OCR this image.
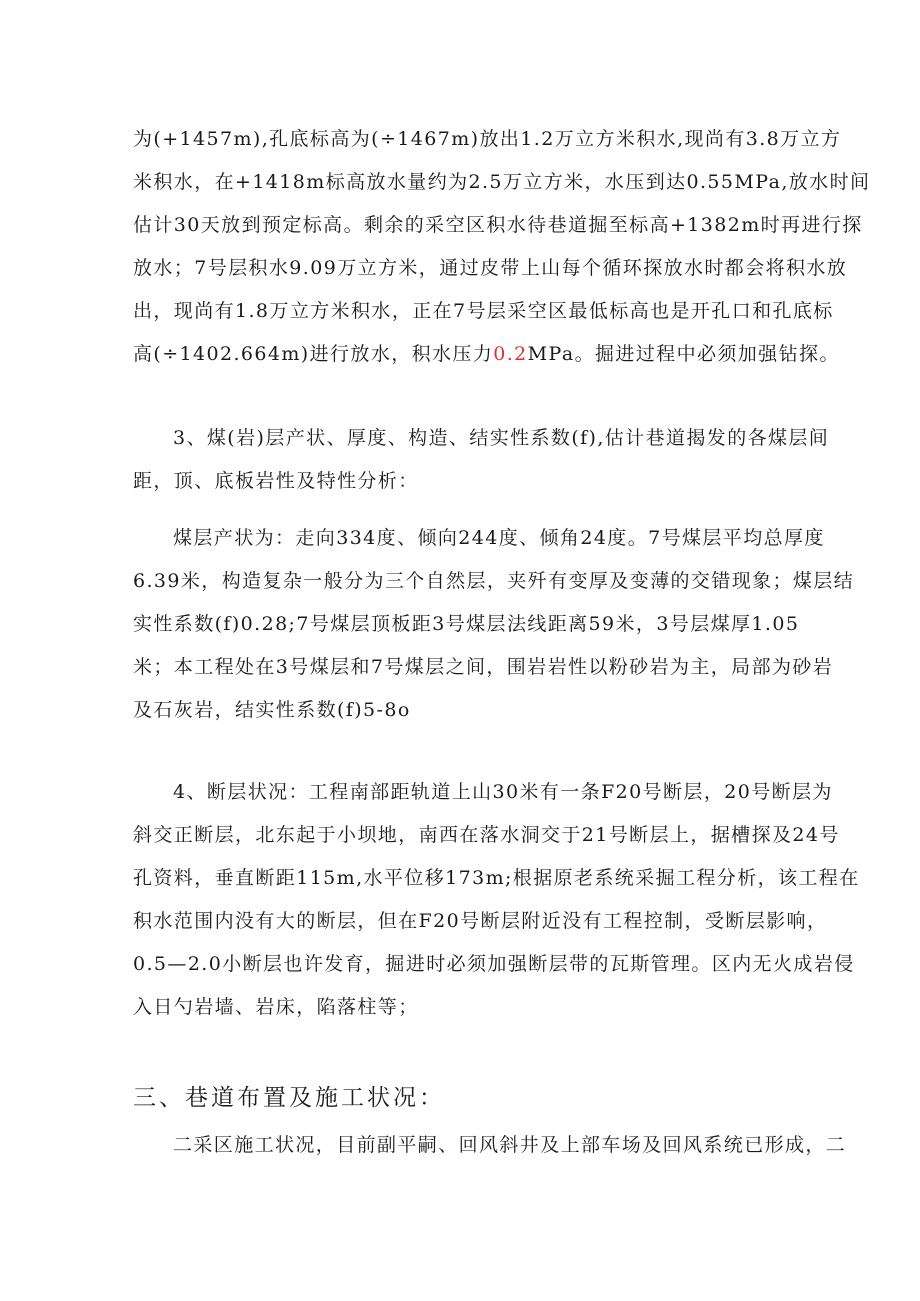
为(+1457m),孔底标高为(÷1467m)放出1.2万立方米积水,现尚有3.8万立方
米积水，在+1418m标高放水量约为2.5万立方米，水压到达0.55MPa,放水时间
估计30天放到预定标高。剩余的采空区积水待巷道掘至标高+1382m时再进行探
放水；7号层积水9.09万立方米，通过皮带上山每个循环探放水时都会将积水放
出，现尚有1.8万立方米积水，正在7号层采空区最低标高也是开孔口和孔底标
高(÷1402.664m)进行放水，积水压力0.2MPa。掘进过程中必须加强钻探。
3、煤(岩)层产状、厚度、构造、结实性系数(f),估计巷道揭发的各煤层间
距，顶、底板岩性及特性分析：
煤层产状为：走向334度、倾向244度、倾角24度。7号煤层平均总厚度
6.39米，构造复杂一般分为三个自然层，夹歼有变厚及变薄的交错现象；煤层结
实性系数(f)0.28;7号煤层顶板距3号煤层法线距离59米，3号层煤厚1.05
米；本工程处在3号煤层和7号煤层之间，围岩岩性以粉砂岩为主，局部为砂岩
及石灰岩，结实性系数(f)5-8o
4、断层状况：工程南部距轨道上山30米有一条F20号断层，20号断层为
斜交正断层，北东起于小坝地，南西在落水洞交于21号断层上，据槽探及24号
孔资料，垂直断距115m,水平位移173m;根据原老系统采掘工程分析，该工程在
积水范围内没有大的断层，但在F20号断层附近没有工程控制，受断层影响，
0.5—2.0小断层也许发育，掘进时必须加强断层带的瓦斯管理。区内无火成岩侵
入日勺岩墙、岩床，陷落柱等；
三、巷道布置及施工状况：
二采区施工状况，目前副平嗣、回风斜井及上部车场及回风系统已形成，二
